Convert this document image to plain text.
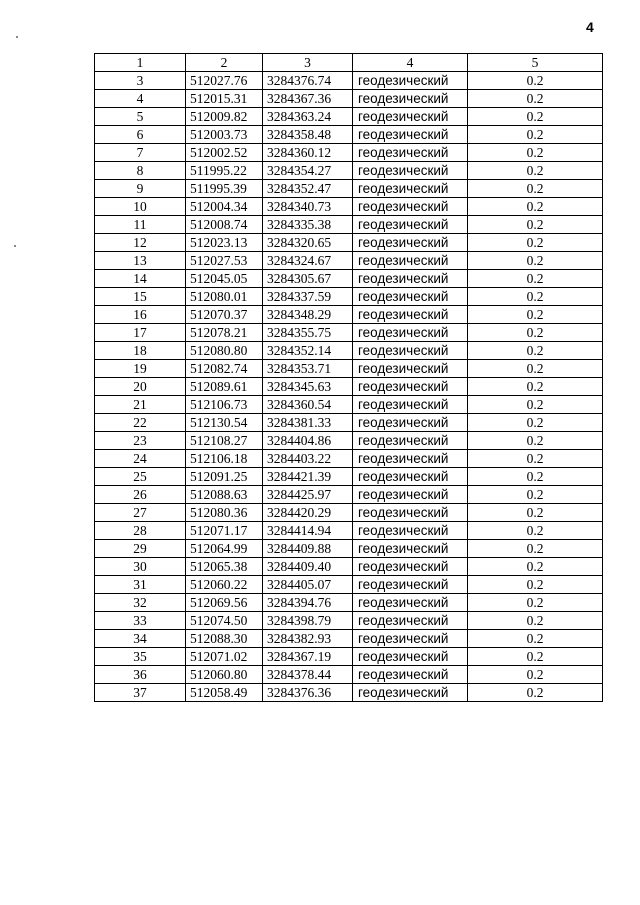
4
1	2	3	4	5
3	512027.76	3284376.74	геодезический	0.2
4	512015.31	3284367.36	геодезический	0.2
5	512009.82	3284363.24	геодезический	0.2
6	512003.73	3284358.48	геодезический	0.2
7	512002.52	3284360.12	геодезический	0.2
8	511995.22	3284354.27	геодезический	0.2
9	511995.39	3284352.47	геодезический	0.2
10	512004.34	3284340.73	геодезический	0.2
11	512008.74	3284335.38	геодезический	0.2
12	512023.13	3284320.65	геодезический	0.2
13	512027.53	3284324.67	геодезический	0.2
14	512045.05	3284305.67	геодезический	0.2
15	512080.01	3284337.59	геодезический	0.2
16	512070.37	3284348.29	геодезический	0.2
17	512078.21	3284355.75	геодезический	0.2
18	512080.80	3284352.14	геодезический	0.2
19	512082.74	3284353.71	геодезический	0.2
20	512089.61	3284345.63	геодезический	0.2
21	512106.73	3284360.54	геодезический	0.2
22	512130.54	3284381.33	геодезический	0.2
23	512108.27	3284404.86	геодезический	0.2
24	512106.18	3284403.22	геодезический	0.2
25	512091.25	3284421.39	геодезический	0.2
26	512088.63	3284425.97	геодезический	0.2
27	512080.36	3284420.29	геодезический	0.2
28	512071.17	3284414.94	геодезический	0.2
29	512064.99	3284409.88	геодезический	0.2
30	512065.38	3284409.40	геодезический	0.2
31	512060.22	3284405.07	геодезический	0.2
32	512069.56	3284394.76	геодезический	0.2
33	512074.50	3284398.79	геодезический	0.2
34	512088.30	3284382.93	геодезический	0.2
35	512071.02	3284367.19	геодезический	0.2
36	512060.80	3284378.44	геодезический	0.2
37	512058.49	3284376.36	геодезический	0.2
